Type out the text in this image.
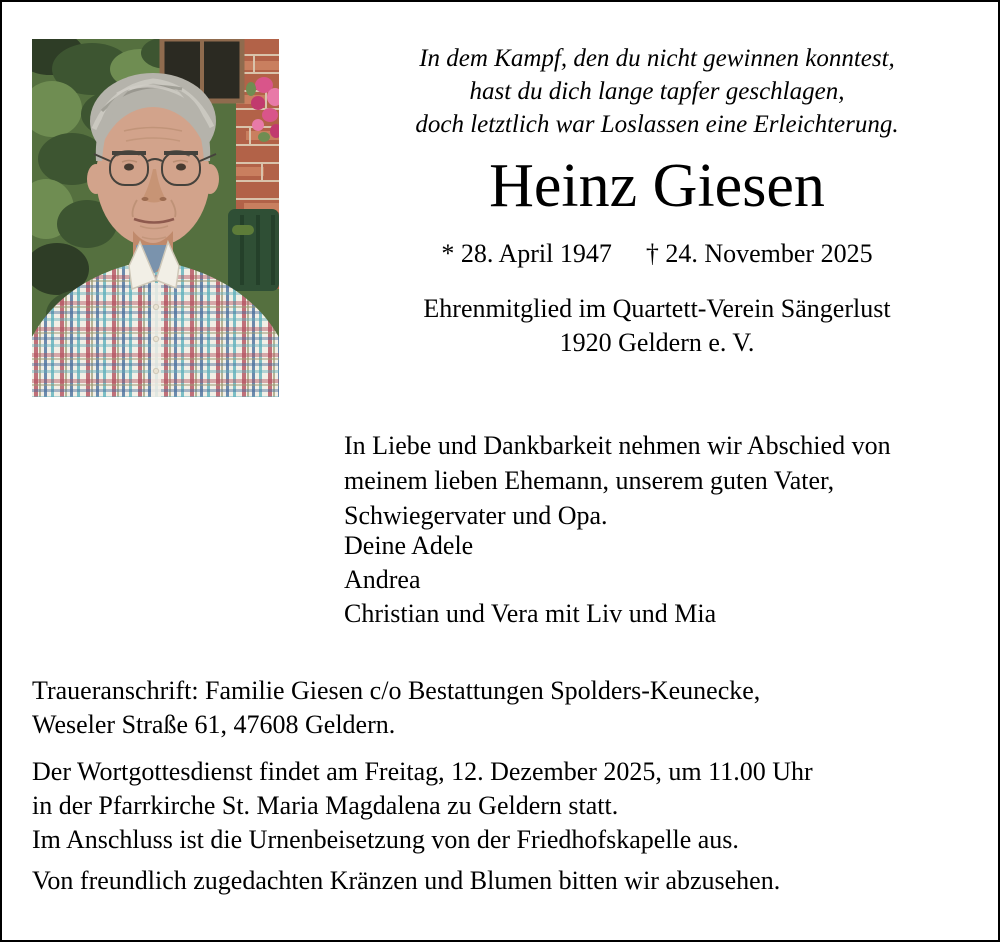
In dem Kampf, den du nicht gewinnen konntest,
hast du dich lange tapfer geschlagen,
doch letztlich war Loslassen eine Erleichterung.
Heinz Giesen
* 28. April 1947 † 24. November 2025
Ehrenmitglied im Quartett-Verein Sängerlust
1920 Geldern e. V.
In Liebe und Dankbarkeit nehmen wir Abschied von
meinem lieben Ehemann, unserem guten Vater,
Schwiegervater und Opa.
Deine Adele
Andrea
Christian und Vera mit Liv und Mia
Traueranschrift: Familie Giesen c/o Bestattungen Spolders-Keunecke,
Weseler Straße 61, 47608 Geldern.
Der Wortgottesdienst findet am Freitag, 12. Dezember 2025, um 11.00 Uhr
in der Pfarrkirche St. Maria Magdalena zu Geldern statt.
Im Anschluss ist die Urnenbeisetzung von der Friedhofskapelle aus.
Von freundlich zugedachten Kränzen und Blumen bitten wir abzusehen.
